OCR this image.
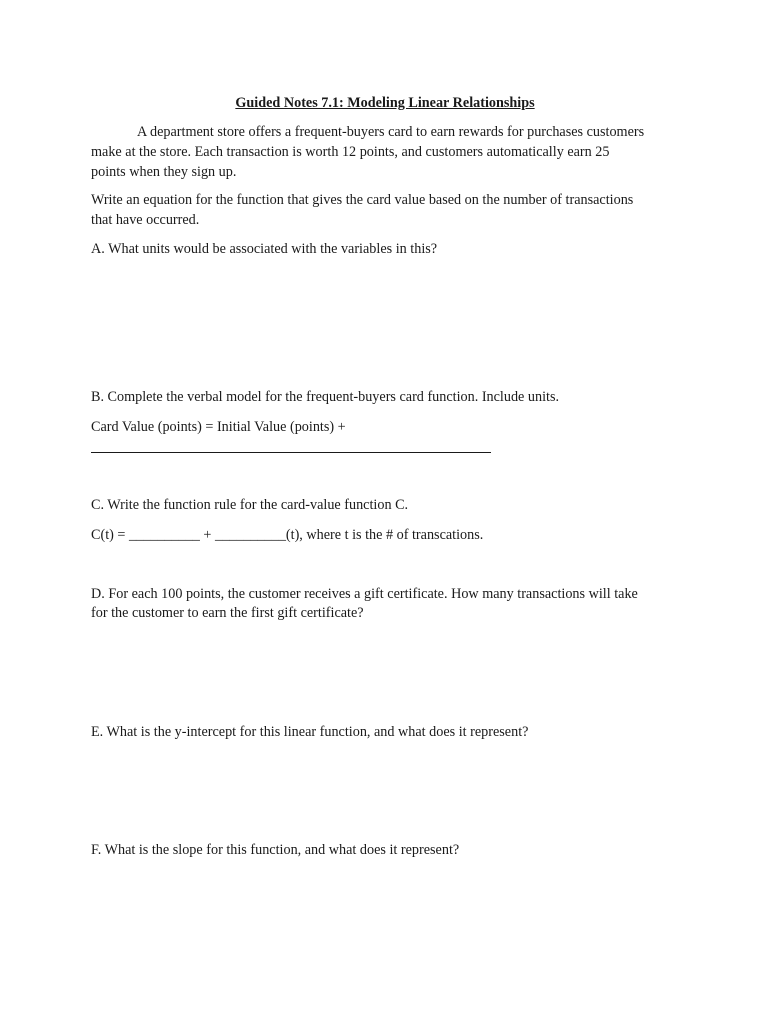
Guided Notes 7.1: Modeling Linear Relationships
A department store offers a frequent-buyers card to earn rewards for purchases customers
make at the store. Each transaction is worth 12 points, and customers automatically earn 25
points when they sign up.
Write an equation for the function that gives the card value based on the number of transactions
that have occurred.
A. What units would be associated with the variables in this?
B. Complete the verbal model for the frequent-buyers card function. Include units.
Card Value (points) = Initial Value (points) +
C. Write the function rule for the card-value function C.
C(t) = __________ + __________(t), where t is the # of transcations.
D. For each 100 points, the customer receives a gift certificate. How many transactions will take
for the customer to earn the first gift certificate?
E. What is the y-intercept for this linear function, and what does it represent?
F. What is the slope for this function, and what does it represent?
